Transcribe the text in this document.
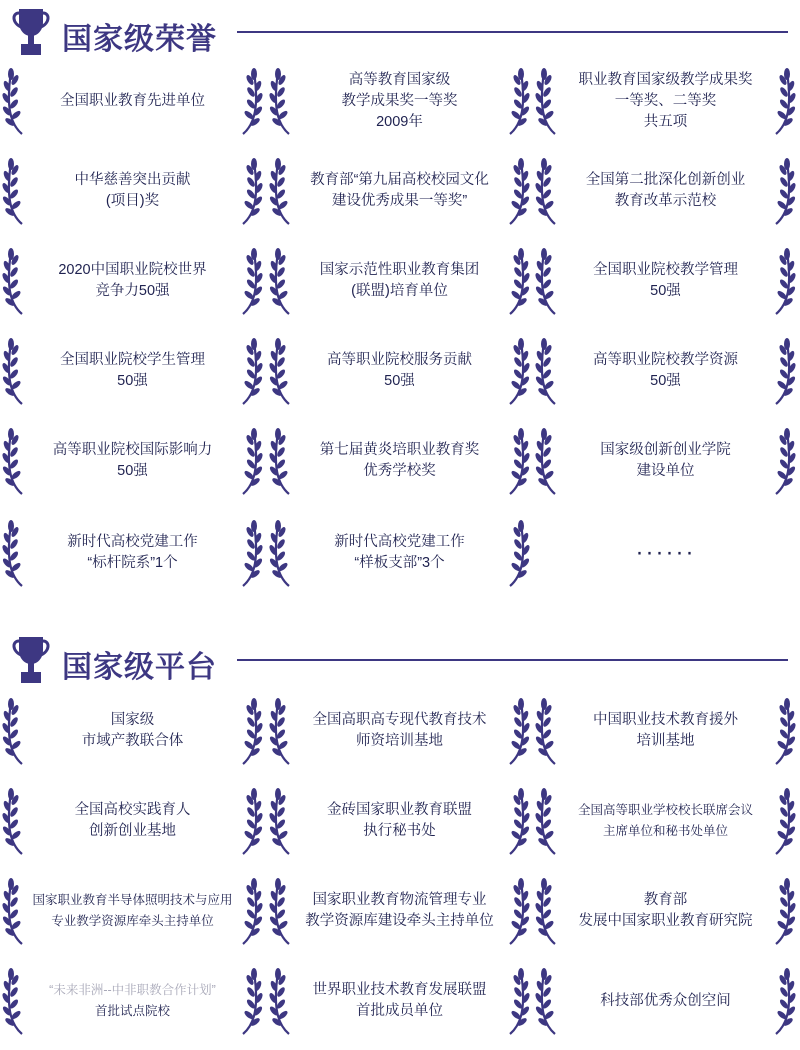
国家级荣誉
全国职业教育先进单位
高等教育国家级
教学成果奖一等奖
2009年
职业教育国家级教学成果奖
一等奖、二等奖
共五项
中华慈善突出贡献
(项目)奖
教育部“第九届高校校园文化
建设优秀成果一等奖”
全国第二批深化创新创业
教育改革示范校
2020中国职业院校世界
竞争力50强
国家示范性职业教育集团
(联盟)培育单位
全国职业院校教学管理
50强
全国职业院校学生管理
50强
高等职业院校服务贡献
50强
高等职业院校教学资源
50强
高等职业院校国际影响力
50强
第七届黄炎培职业教育奖
优秀学校奖
国家级创新创业学院
建设单位
新时代高校党建工作
“标杆院系”1个
新时代高校党建工作
“样板支部”3个	······
国家级平台
国家级
市域产教联合体
全国高职高专现代教育技术
师资培训基地
中国职业技术教育援外
培训基地
全国高校实践育人
创新创业基地
金砖国家职业教育联盟
执行秘书处
全国高等职业学校校长联席会议
主席单位和秘书处单位
国家职业教育半导体照明技术与应用
专业教学资源库牵头主持单位
国家职业教育物流管理专业
教学资源库建设牵头主持单位
教育部
发展中国家职业教育研究院
“未来非洲--中非职教合作计划”
首批试点院校
世界职业技术教育发展联盟
首批成员单位
科技部优秀众创空间
